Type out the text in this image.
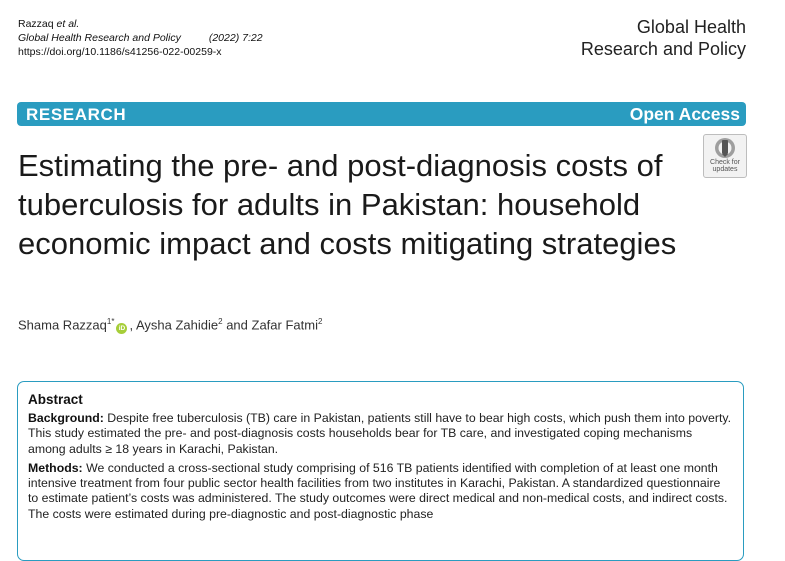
Razzaq et al.
Global Health Research and Policy	(2022) 7:22
https://doi.org/10.1186/s41256-022-00259-x
Global Health
Research and Policy
RESEARCH	Open Access
Estimating the pre- and post-diagnosis costs of tuberculosis for adults in Pakistan: household economic impact and costs mitigating strategies
Check for
updates
Shama Razzaq$^{1*}$iD , Aysha Zahidie$^2$ and Zafar Fatmi$^2$
Abstract

Background: Despite free tuberculosis (TB) care in Pakistan, patients still have to bear high costs, which push them into poverty. This study estimated the pre- and post-diagnosis costs households bear for TB care, and investigated coping mechanisms among adults ≥ 18 years in Karachi, Pakistan.

Methods: We conducted a cross-sectional study comprising of 516 TB patients identified with completion of at least one month intensive treatment from four public sector health facilities from two institutes in Karachi, Pakistan. A standardized questionnaire to estimate patient’s costs was administered. The study outcomes were direct medical and non-medical costs, and indirect costs. The costs were estimated during pre-diagnostic and post-diagnostic phase
